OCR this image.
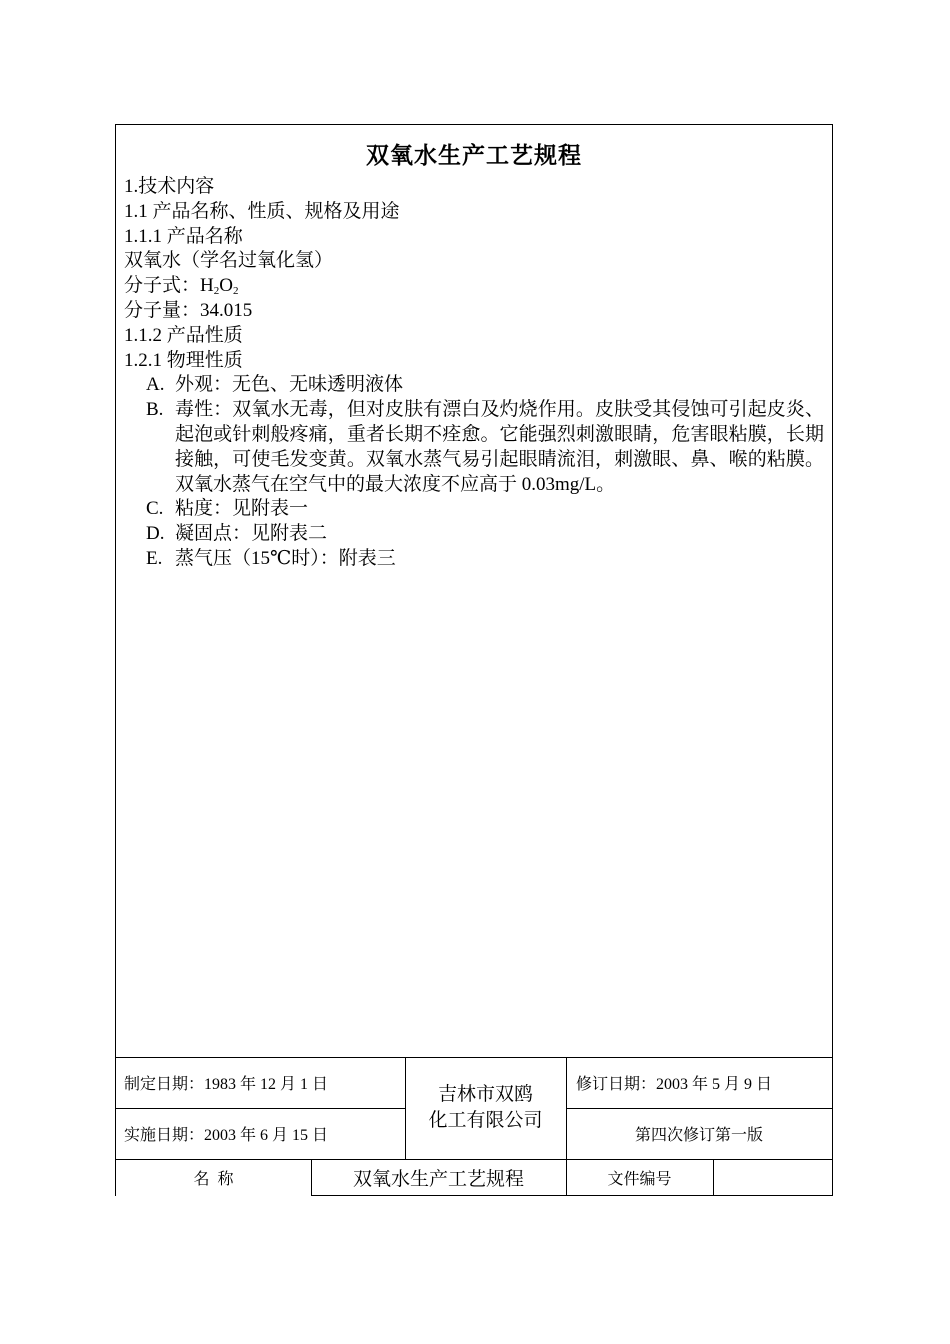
双氧水生产工艺规程
1.技术内容
1.1 产品名称、性质、规格及用途
1.1.1 产品名称
双氧水（学名过氧化氢）
分子式：$H_2O_2$
分子量：34.015
1.1.2 产品性质
1.2.1 物理性质
A. 外观：无色、无味透明液体
B. 毒性：双氧水无毒，但对皮肤有漂白及灼烧作用。皮肤受其侵蚀可引起皮炎、起泡或针刺般疼痛，重者长期不痊愈。它能强烈刺激眼睛，危害眼粘膜，长期接触，可使毛发变黄。双氧水蒸气易引起眼睛流泪，刺激眼、鼻、喉的粘膜。双氧水蒸气在空气中的最大浓度不应高于 0.03mg/L。
C. 粘度：见附表一
D. 凝固点：见附表二
E. 蒸气压（15℃时）：附表三
制定日期：1983 年 12 月 1 日
实施日期：2003 年 6 月 15 日
吉林市双鸥
化工有限公司
修订日期：2003 年 5 月 9 日
第四次修订第一版
名  称	双氧水生产工艺规程	文件编号
